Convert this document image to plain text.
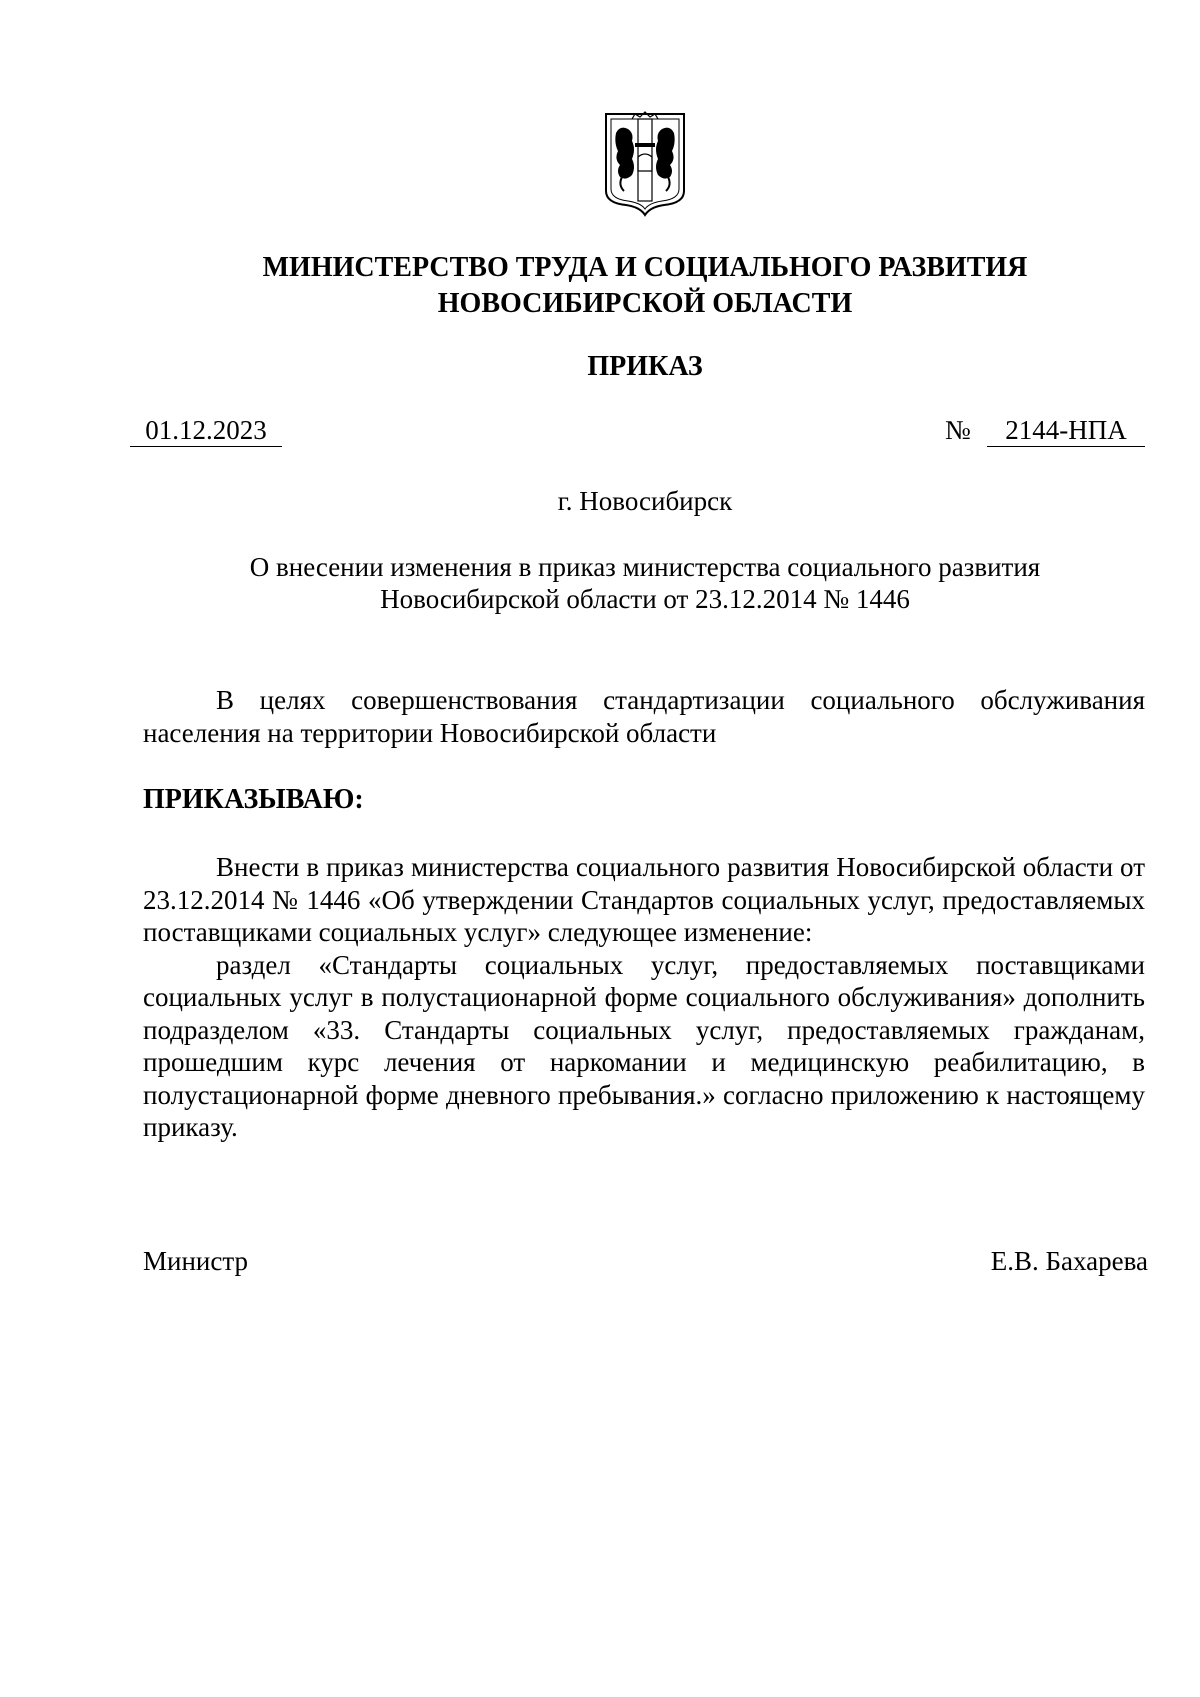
МИНИСТЕРСТВО ТРУДА И СОЦИАЛЬНОГО РАЗВИТИЯ
НОВОСИБИРСКОЙ ОБЛАСТИ
ПРИКАЗ
01.12.2023	№	2144-НПА
г. Новосибирск
О внесении изменения в приказ министерства социального развития
Новосибирской области от 23.12.2014 № 1446

В целях совершенствования стандартизации социального обслуживания населения на территории Новосибирской области

ПРИКАЗЫВАЮ:

Внести в приказ министерства социального развития Новосибирской области от 23.12.2014 № 1446 «Об утверждении Стандартов социальных услуг, предоставляемых поставщиками социальных услуг» следующее изменение:

раздел «Стандарты социальных услуг, предоставляемых поставщиками социальных услуг в полустационарной форме социального обслуживания» дополнить подразделом «33. Стандарты социальных услуг, предоставляемых гражданам, прошедшим курс лечения от наркомании и медицинскую реабилитацию, в полустационарной форме дневного пребывания.» согласно приложению к настоящему приказу.

Министр	Е.В. Бахарева
